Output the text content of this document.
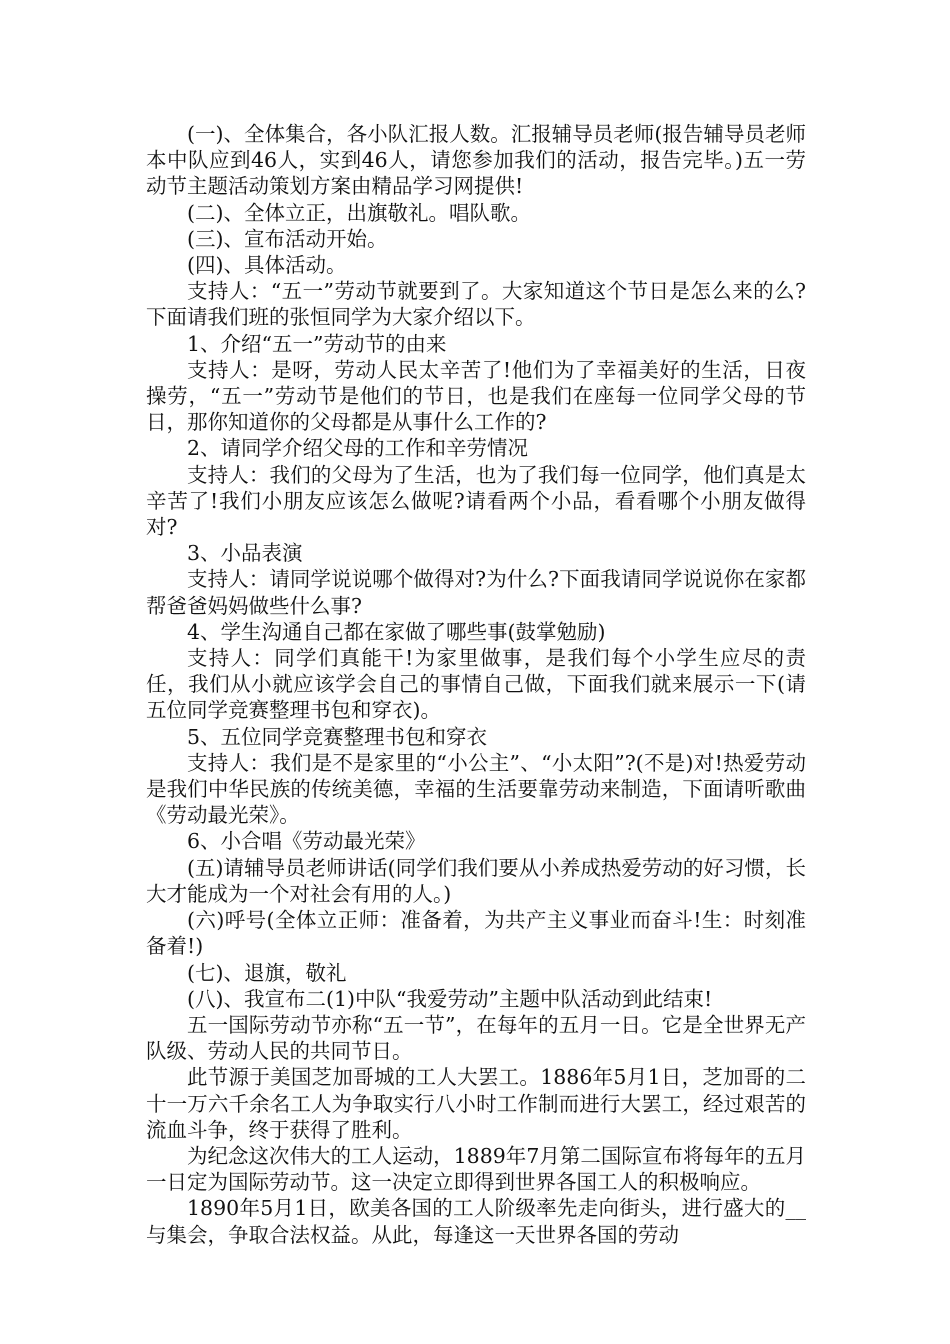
(一)、全体集合，各小队汇报人数。汇报辅导员老师(报告辅导员老师本中队应到46人，实到46人，请您参加我们的活动，报告完毕。)五一劳动节主题活动策划方案由精品学习网提供!

(二)、全体立正，出旗敬礼。唱队歌。

(三)、宣布活动开始。

(四)、具体活动。

支持人：“五一”劳动节就要到了。大家知道这个节日是怎么来的么?下面请我们班的张恒同学为大家介绍以下。

1、介绍“五一”劳动节的由来

支持人：是呀，劳动人民太辛苦了!他们为了幸福美好的生活，日夜操劳，“五一”劳动节是他们的节日，也是我们在座每一位同学父母的节日，那你知道你的父母都是从事什么工作的?

2、请同学介绍父母的工作和辛劳情况

支持人：我们的父母为了生活，也为了我们每一位同学，他们真是太辛苦了!我们小朋友应该怎么做呢?请看两个小品，看看哪个小朋友做得对?

3、小品表演

支持人：请同学说说哪个做得对?为什么?下面我请同学说说你在家都帮爸爸妈妈做些什么事?

4、学生沟通自己都在家做了哪些事(鼓掌勉励)

支持人：同学们真能干!为家里做事，是我们每个小学生应尽的责任，我们从小就应该学会自己的事情自己做，下面我们就来展示一下(请五位同学竞赛整理书包和穿衣)。

5、五位同学竞赛整理书包和穿衣

支持人：我们是不是家里的“小公主”、“小太阳”?(不是)对!热爱劳动是我们中华民族的传统美德，幸福的生活要靠劳动来制造，下面请听歌曲《劳动最光荣》。

6、小合唱《劳动最光荣》

(五)请辅导员老师讲话(同学们我们要从小养成热爱劳动的好习惯，长大才能成为一个对社会有用的人。)

(六)呼号(全体立正师：准备着，为共产主义事业而奋斗!生：时刻准备着!)

(七)、退旗，敬礼

(八)、我宣布二(1)中队“我爱劳动”主题中队活动到此结束!

五一国际劳动节亦称“五一节”，在每年的五月一日。它是全世界无产队级、劳动人民的共同节日。

此节源于美国芝加哥城的工人大罢工。1886年5月1日，芝加哥的二十一万六千余名工人为争取实行八小时工作制而进行大罢工，经过艰苦的流血斗争，终于获得了胜利。

为纪念这次伟大的工人运动，1889年7月第二国际宣布将每年的五月一日定为国际劳动节。这一决定立即得到世界各国工人的积极响应。

1890年5月1日，欧美各国的工人阶级率先走向街头，进行盛大的__与集会，争取合法权益。从此，每逢这一天世界各国的劳动
